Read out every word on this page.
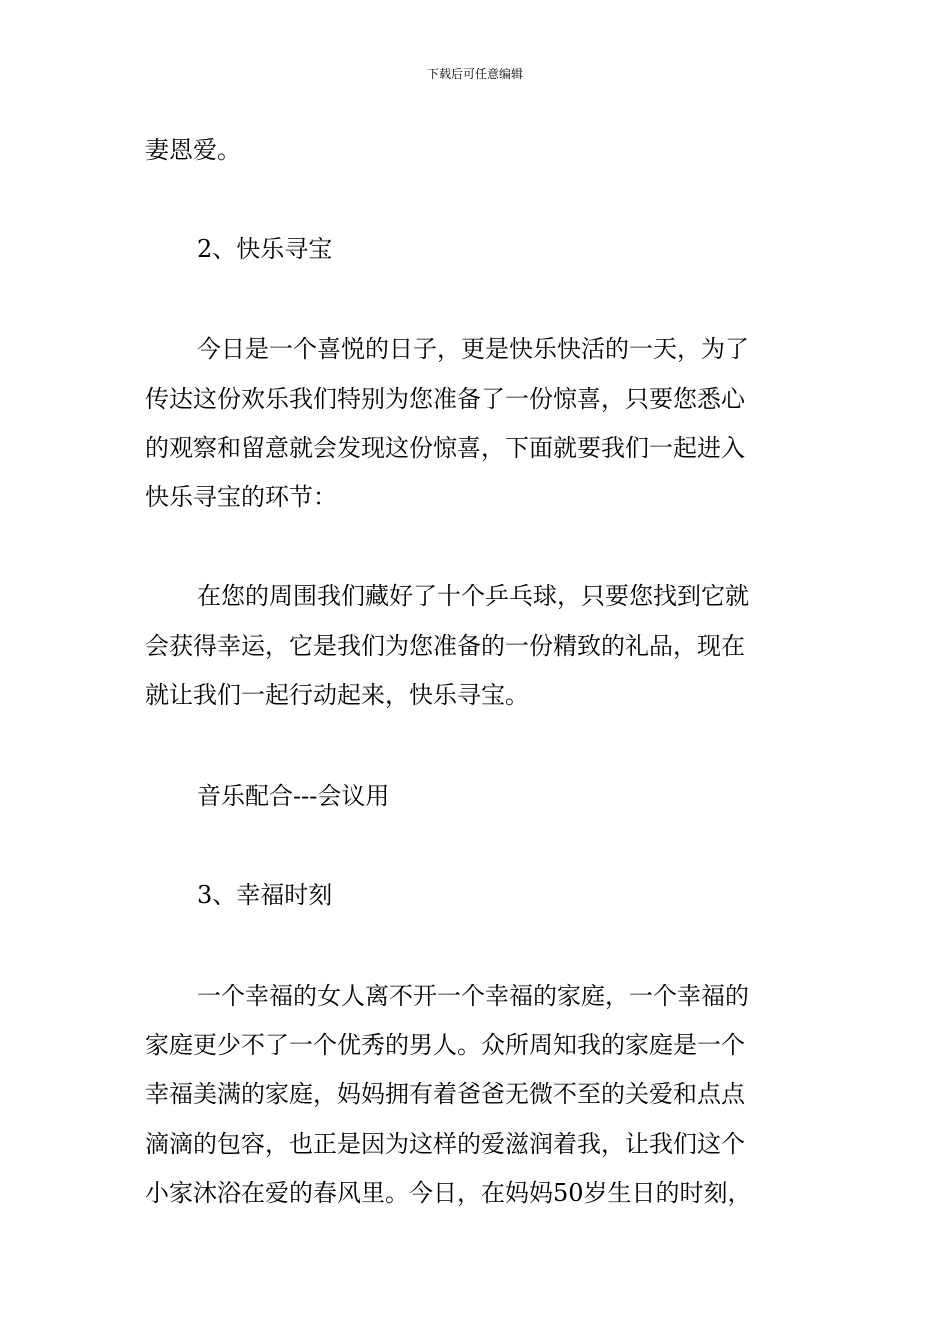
下载后可任意编辑
妻恩爱。
2、快乐寻宝
今日是一个喜悦的日子，更是快乐快活的一天，为了
传达这份欢乐我们特别为您准备了一份惊喜，只要您悉心
的观察和留意就会发现这份惊喜，下面就要我们一起进入
快乐寻宝的环节：
在您的周围我们藏好了十个乒乓球，只要您找到它就
会获得幸运，它是我们为您准备的一份精致的礼品，现在
就让我们一起行动起来，快乐寻宝。
音乐配合---会议用
3、幸福时刻
一个幸福的女人离不开一个幸福的家庭，一个幸福的
家庭更少不了一个优秀的男人。众所周知我的家庭是一个
幸福美满的家庭，妈妈拥有着爸爸无微不至的关爱和点点
滴滴的包容，也正是因为这样的爱滋润着我，让我们这个
小家沐浴在爱的春风里。今日，在妈妈50岁生日的时刻，
